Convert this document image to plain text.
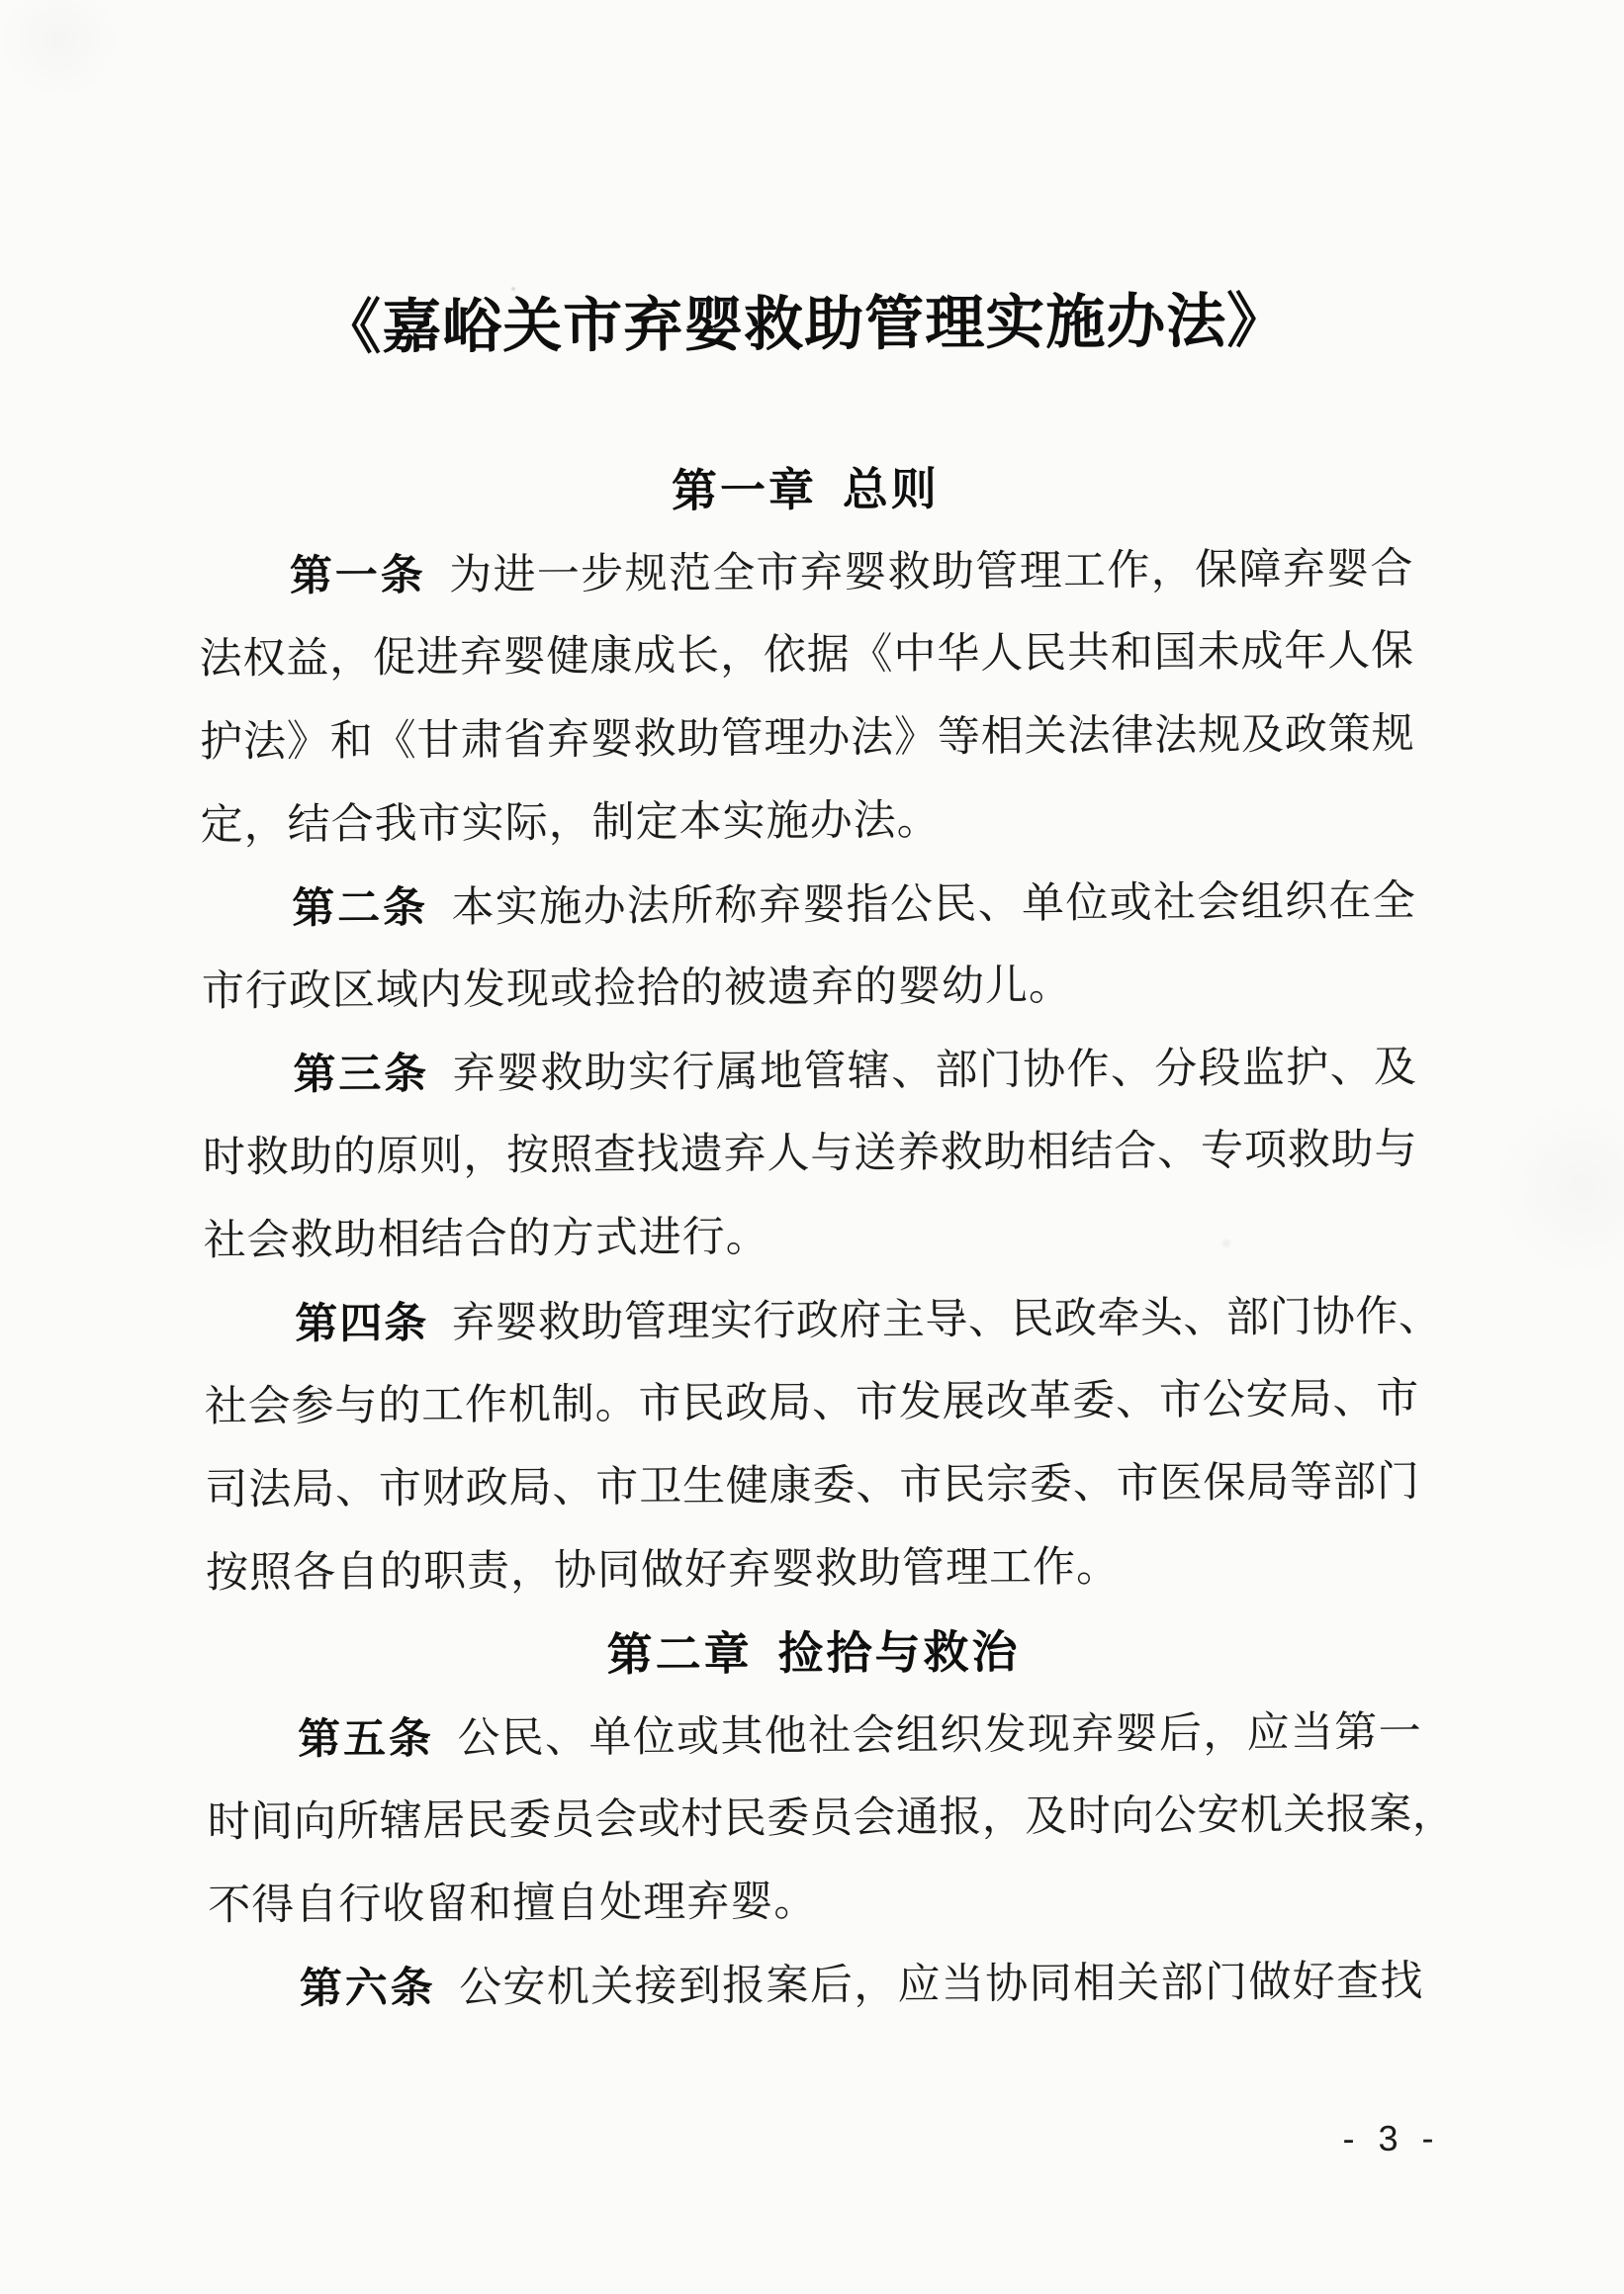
《嘉峪关市弃婴救助管理实施办法》
第一章 总则
第一条 为进一步规范全市弃婴救助管理工作，保障弃婴合
法权益，促进弃婴健康成长，依据《中华人民共和国未成年人保
护法》和《甘肃省弃婴救助管理办法》等相关法律法规及政策规
定，结合我市实际，制定本实施办法。
第二条 本实施办法所称弃婴指公民、单位或社会组织在全
市行政区域内发现或捡拾的被遗弃的婴幼儿。
第三条 弃婴救助实行属地管辖、部门协作、分段监护、及
时救助的原则，按照查找遗弃人与送养救助相结合、专项救助与
社会救助相结合的方式进行。
第四条 弃婴救助管理实行政府主导、民政牵头、部门协作、
社会参与的工作机制。市民政局、市发展改革委、市公安局、市
司法局、市财政局、市卫生健康委、市民宗委、市医保局等部门
按照各自的职责，协同做好弃婴救助管理工作。
第二章 捡拾与救治
第五条 公民、单位或其他社会组织发现弃婴后，应当第一
时间向所辖居民委员会或村民委员会通报，及时向公安机关报案，
不得自行收留和擅自处理弃婴。
第六条 公安机关接到报案后，应当协同相关部门做好查找
- 3 -
